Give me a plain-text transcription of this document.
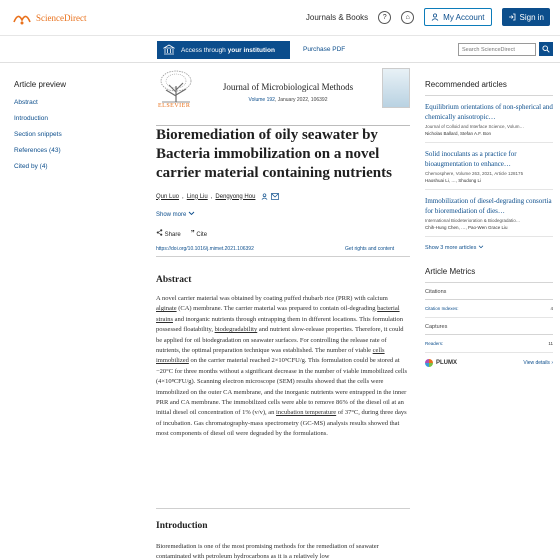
ScienceDirect	Journals & Books	?	⌂	My Account	Sign in
Access through your institution	Purchase PDF	Search ScienceDirect
Article preview
Abstract
Introduction
Section snippets
References (43)
Cited by (4)
ELSEVIER
Journal of Microbiological Methods
Volume 192, January 2022, 106392
Bioremediation of oily seawater by Bacteria immobilization on a novel carrier material containing nutrients
Qun Luo , Ling Liu , Dengyong Hou
Show more
Share ” Cite
https://doi.org/10.1016/j.mimet.2021.106392	Get rights and content
Abstract
A novel carrier material was obtained by coating puffed rhubarb rice (PRR) with calcium alginate (CA) membrane. The carrier material was prepared to contain oil-degrading bacterial strains and inorganic nutrients through entrapping them in different locations. This formulation possessed floatability, biodegradability and nutrient slow-release properties. Therefore, it could be applied for oil biodegradation on seawater surfaces. For controlling the release rate of nutrients, the optimal preparation technique was established. The number of viable cells immobilized on the carrier material reached 2×10⁹CFU/g. This formulation could be stored at −20°C for three months without a significant decrease in the number of viable immobilized cells (4×10⁸CFU/g). Scanning electron microscope (SEM) results showed that the cells were immobilized on the outer CA membrane, and the inorganic nutrients were entrapped in the inner PRR and CA membrane. The immobilized cells were able to remove 86% of the diesel oil at an initial diesel oil concentration of 1% (v/v), an incubation temperature of 37°C, during three days of incubation. Gas chromatography-mass spectrometry (GC-MS) analysis results showed that most components of diesel oil were degraded by the formulations.
Introduction
Bioremediation is one of the most promising methods for the remediation of seawater contaminated with petroleum hydrocarbons as it is a relatively low
Recommended articles
Equilibrium orientations of non-spherical and chemically anisotropic…
Journal of Colloid and Interface Science, Volum…
Nicholas Ballard, Stefan A.F. Bon
Solid inoculants as a practice for bioaugmentation to enhance…
Chemosphere, Volume 263, 2021, Article 128175
Haoshuai Li, …, Shudong Li
Immobilization of diesel-degrading consortia for bioremediation of dies…
International Biodeterioration & Biodegradatio…
Chih-Hung Chen, …, Pao-Wen Grace Liu
Show 3 more articles
Article Metrics
Citations
Citation Indexes:	4
Captures
Readers:	11
PLUMX	View details ›
